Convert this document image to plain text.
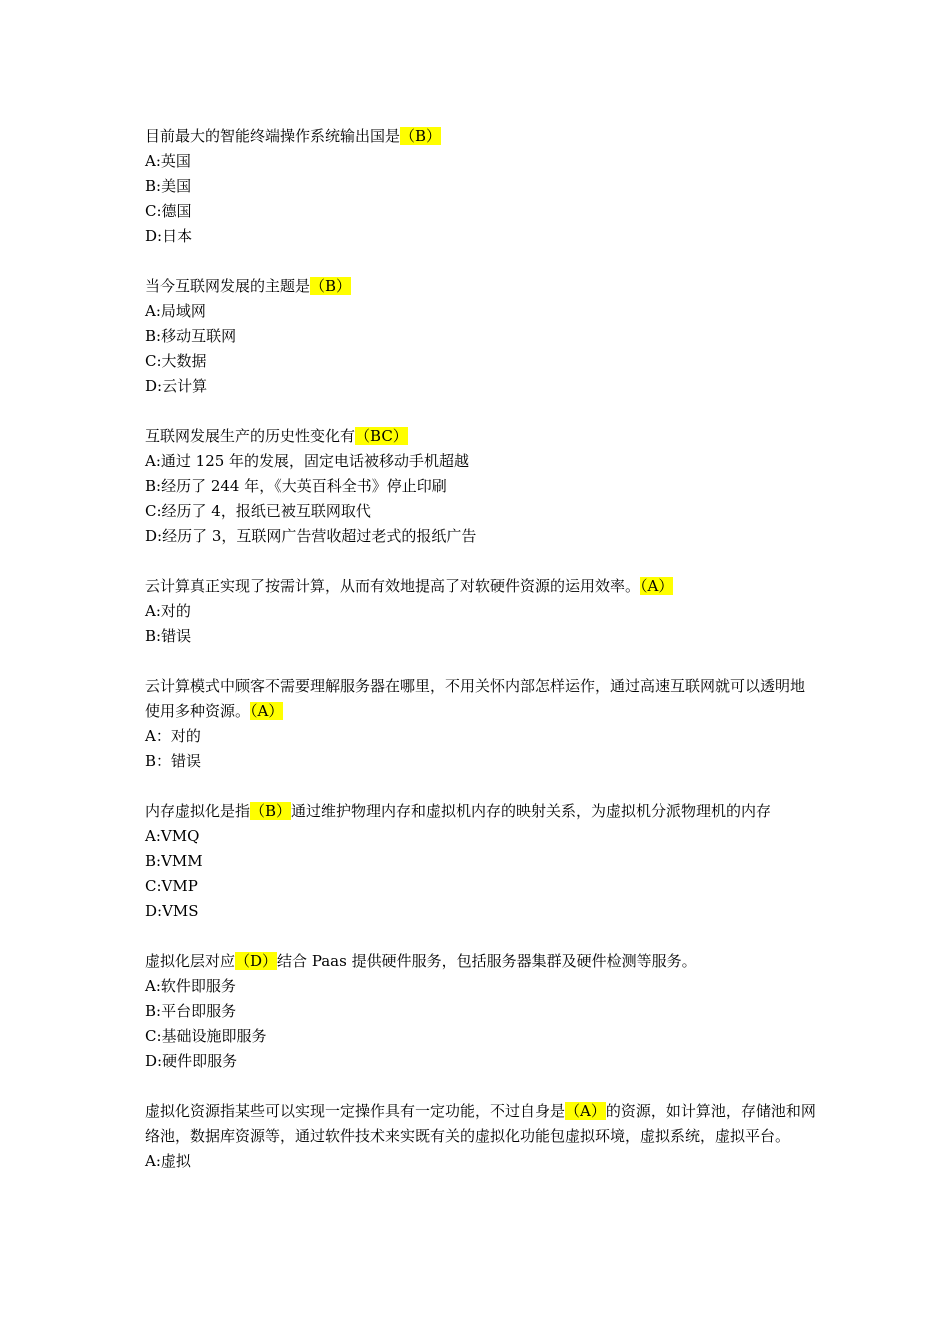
目前最大的智能终端操作系统输出国是（B）

A:英国

B:美国

C:德国

D:日本

当今互联网发展的主题是（B）

A:局域网

B:移动互联网

C:大数据

D:云计算

互联网发展生产的历史性变化有（BC）

A:通过 125 年的发展，固定电话被移动手机超越

B:经历了 244 年，《大英百科全书》停止印刷

C:经历了 4，报纸已被互联网取代

D:经历了 3，互联网广告营收超过老式的报纸广告

云计算真正实现了按需计算，从而有效地提高了对软硬件资源的运用效率。（A）

A:对的

B:错误

云计算模式中顾客不需要理解服务器在哪里，不用关怀内部怎样运作，通过高速互联网就可以透明地使用多种资源。（A）

A：对的

B：错误

内存虚拟化是指（B）通过维护物理内存和虚拟机内存的映射关系，为虚拟机分派物理机的内存

A:VMQ

B:VMM

C:VMP

D:VMS

虚拟化层对应（D）结合 Paas 提供硬件服务，包括服务器集群及硬件检测等服务。

A:软件即服务

B:平台即服务

C:基础设施即服务

D:硬件即服务

虚拟化资源指某些可以实现一定操作具有一定功能，不过自身是（A）的资源，如计算池，存储池和网络池，数据库资源等，通过软件技术来实既有关的虚拟化功能包虚拟环境，虚拟系统，虚拟平台。

A:虚拟
